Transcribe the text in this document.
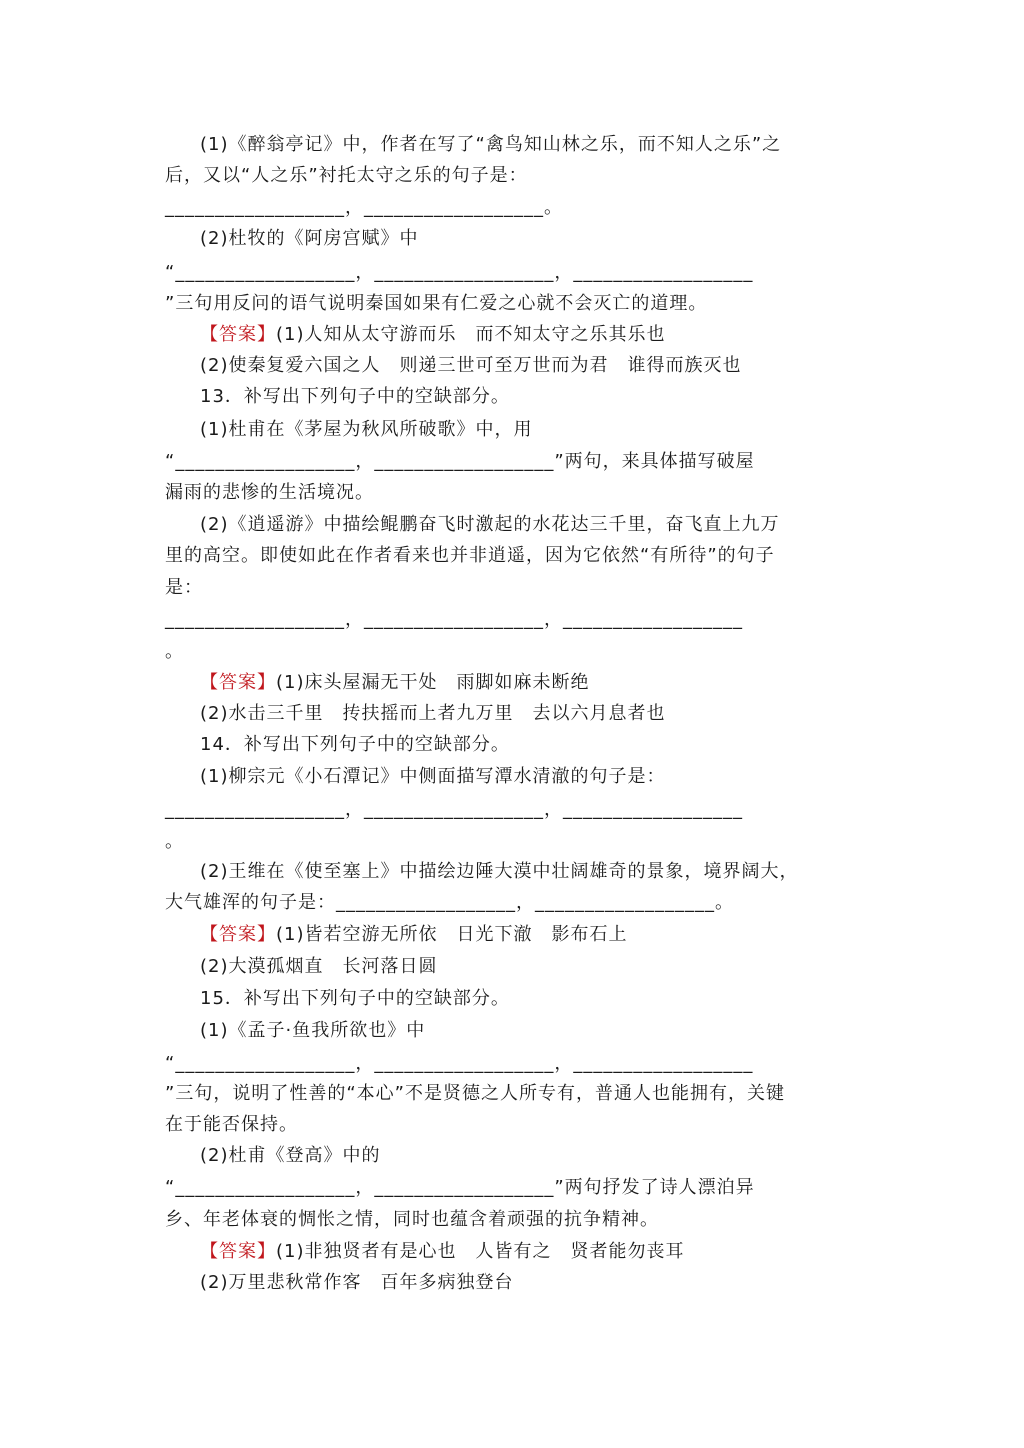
(1)《醉翁亭记》中，作者在写了“禽鸟知山林之乐，而不知人之乐”之
后，又以“人之乐”衬托太守之乐的句子是：
__________________，__________________。
(2)杜牧的《阿房宫赋》中
“__________________，__________________，__________________
”三句用反问的语气说明秦国如果有仁爱之心就不会灭亡的道理。
【答案】(1)人知从太守游而乐　而不知太守之乐其乐也
(2)使秦复爱六国之人　则递三世可至万世而为君　谁得而族灭也
13．补写出下列句子中的空缺部分。
(1)杜甫在《茅屋为秋风所破歌》中，用
“__________________，__________________”两句，来具体描写破屋
漏雨的悲惨的生活境况。
(2)《逍遥游》中描绘鲲鹏奋飞时激起的水花达三千里，奋飞直上九万
里的高空。即使如此在作者看来也并非逍遥，因为它依然“有所待”的句子
是：
__________________，__________________，__________________
。
【答案】(1)床头屋漏无干处　雨脚如麻未断绝
(2)水击三千里　抟扶摇而上者九万里　去以六月息者也
14．补写出下列句子中的空缺部分。
(1)柳宗元《小石潭记》中侧面描写潭水清澈的句子是：
__________________，__________________，__________________
。
(2)王维在《使至塞上》中描绘边陲大漠中壮阔雄奇的景象，境界阔大，
大气雄浑的句子是：__________________，__________________。
【答案】(1)皆若空游无所依　日光下澈　影布石上
(2)大漠孤烟直　长河落日圆
15．补写出下列句子中的空缺部分。
(1)《孟子·鱼我所欲也》中
“__________________，__________________，__________________
”三句，说明了性善的“本心”不是贤德之人所专有，普通人也能拥有，关键
在于能否保持。
(2)杜甫《登高》中的
“__________________，__________________”两句抒发了诗人漂泊异
乡、年老体衰的惆怅之情，同时也蕴含着顽强的抗争精神。
【答案】(1)非独贤者有是心也　人皆有之　贤者能勿丧耳
(2)万里悲秋常作客　百年多病独登台
